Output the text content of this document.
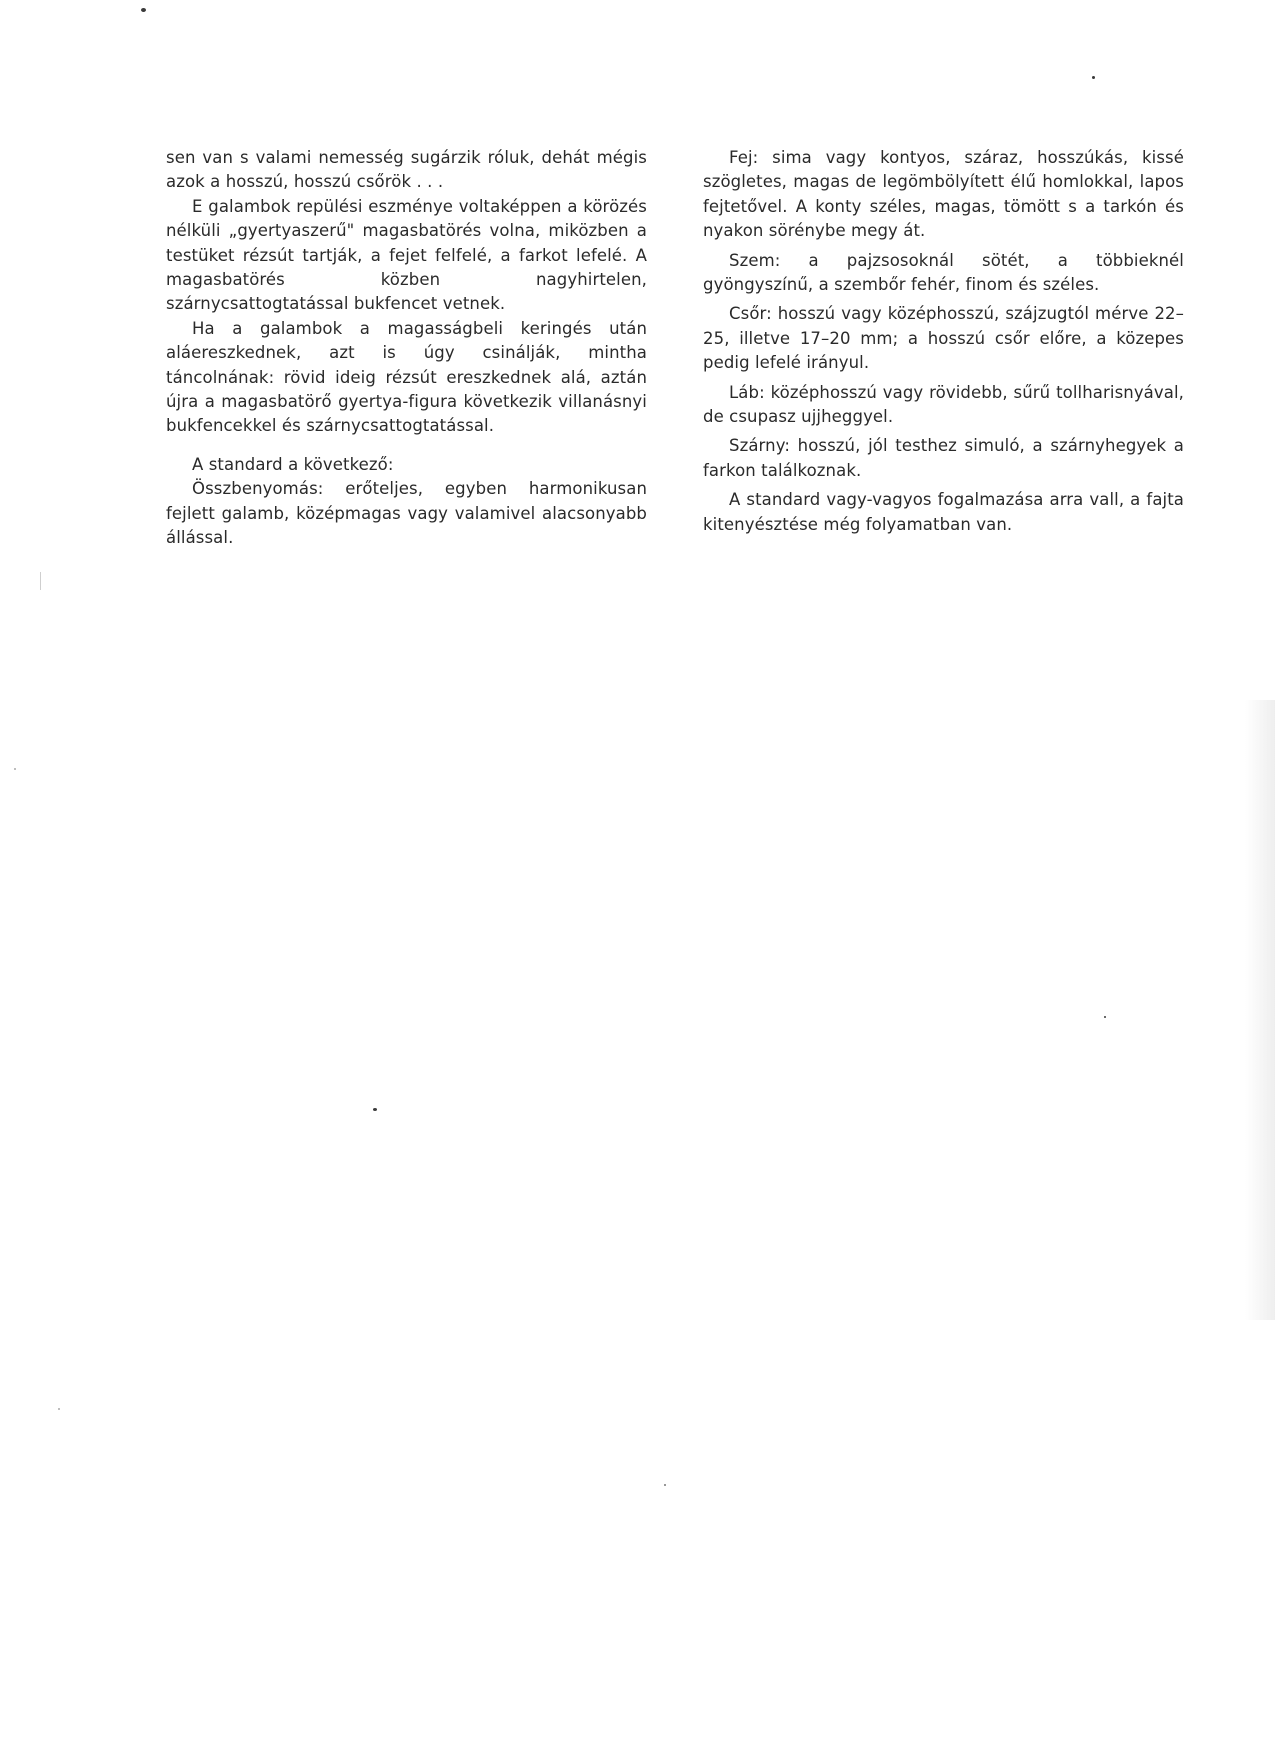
sen van s valami nemesség sugárzik róluk, dehát mégis azok a hosszú, hosszú csőrök . . .

E galambok repülési eszménye voltaképpen a körözés nélküli „gyertyaszerű" magasbatörés volna, miközben a testüket rézsút tartják, a fejet felfelé, a farkot lefelé. A magasbatörés közben nagyhirtelen, szárnycsattogtatással bukfencet vetnek.

Ha a galambok a magasságbeli keringés után aláereszkednek, azt is úgy csinálják, mintha táncolnának: rövid ideig rézsút ereszkednek alá, aztán újra a magasbatörő gyertya-figura következik villanásnyi bukfencekkel és szárnycsattogtatással.

A standard a következő:

Összbenyomás: erőteljes, egyben harmonikusan fejlett galamb, középmagas vagy valamivel alacsonyabb állással.

Fej: sima vagy kontyos, száraz, hosszúkás, kissé szögletes, magas de legömbölyített élű homlokkal, lapos fejtetővel. A konty széles, magas, tömött s a tarkón és nyakon sörénybe megy át.

Szem: a pajzsosoknál sötét, a többieknél gyöngyszínű, a szembőr fehér, finom és széles.

Csőr: hosszú vagy középhosszú, szájzugtól mérve 22–25, illetve 17–20 mm; a hosszú csőr előre, a közepes pedig lefelé irányul.

Láb: középhosszú vagy rövidebb, sűrű tollharisnyával, de csupasz ujjheggyel.

Szárny: hosszú, jól testhez simuló, a szárnyhegyek a farkon találkoznak.

A standard vagy-vagyos fogalmazása arra vall, a fajta kitenyésztése még folyamatban van.
